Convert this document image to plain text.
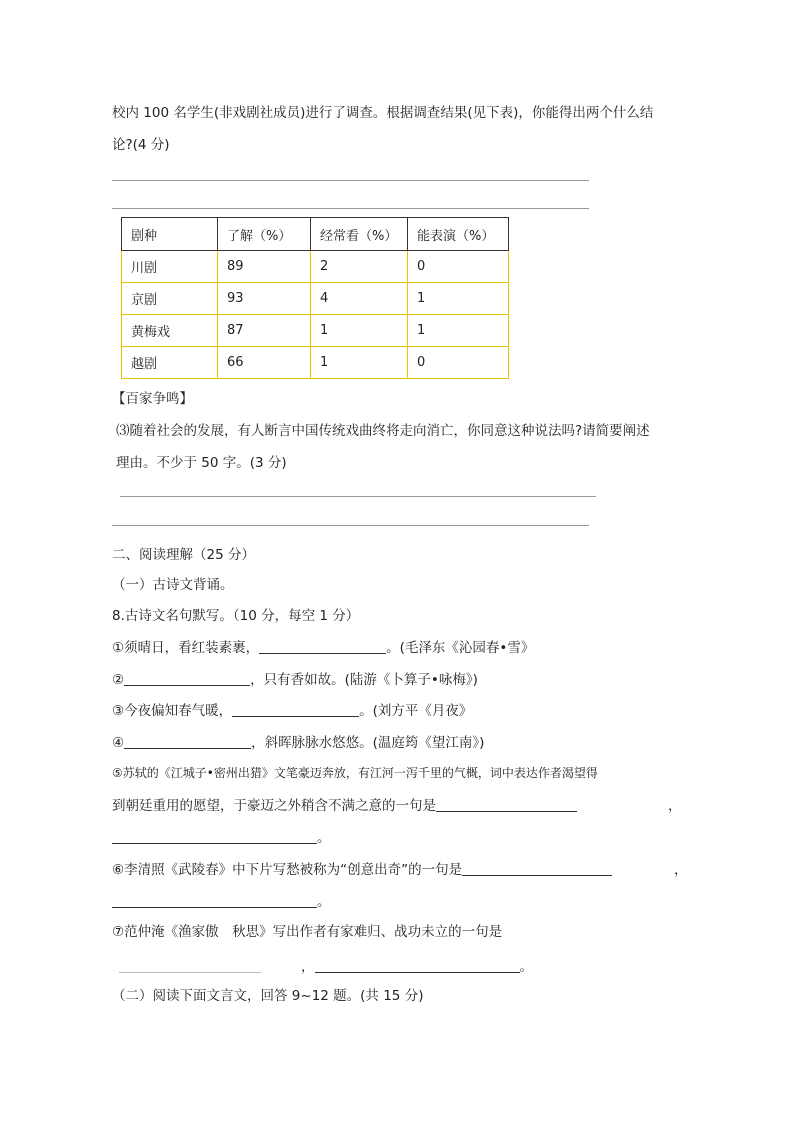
校内 100 名学生(非戏剧社成员)进行了调查。根据调查结果(见下表)，你能得出两个什么结
论?(4 分)
剧种	了解（%）	经常看（%）	能表演（%）
川剧	89	2	0
京剧	93	4	1
黄梅戏	87	1	1
越剧	66	1	0
【百家争鸣】
⑶随着社会的发展，有人断言中国传统戏曲终将走向消亡，你同意这种说法吗?请简要阐述
理由。不少于 50 字。(3 分)
二、阅读理解（25 分）
（一）古诗文背诵。
8.古诗文名句默写。（10 分，每空 1 分）
①须晴日，看红装素裹，	。(毛泽东《沁园春•雪》
②	，只有香如故。(陆游《卜算子•咏梅》)
③今夜偏知春气暖，	。(刘方平《月夜》
④	，斜晖脉脉水悠悠。(温庭筠《望江南》)
⑤苏轼的《江城子•密州出猎》文笔豪迈奔放，有江河一泻千里的气概，词中表达作者渴望得
到朝廷重用的愿望，于豪迈之外稍含不满之意的一句是	，
。
⑥李清照《武陵春》中下片写愁被称为“创意出奇”的一句是	，
。
⑦范仲淹《渔家傲　秋思》写出作者有家难归、战功未立的一句是
，	。
（二）阅读下面文言文，回答 9~12 题。(共 15 分)
